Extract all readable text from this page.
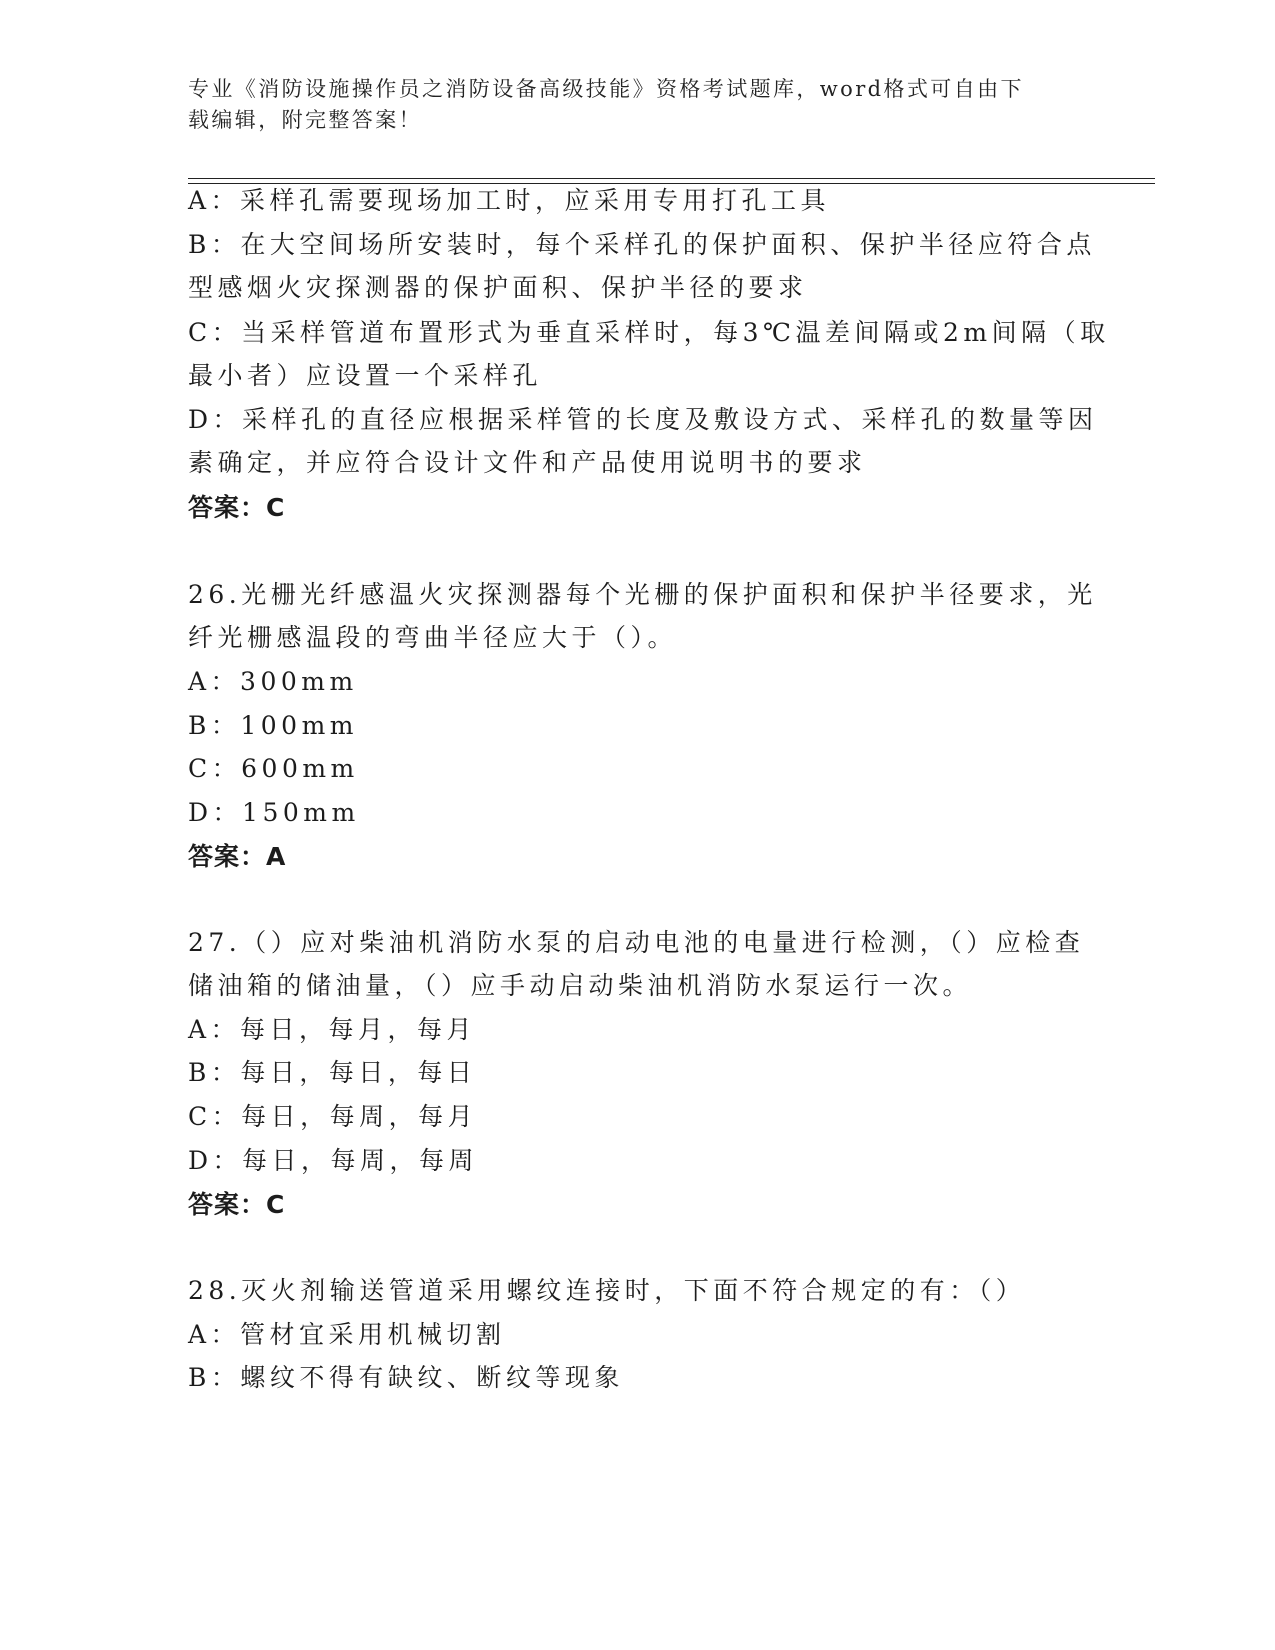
专业《消防设施操作员之消防设备高级技能》资格考试题库，word格式可自由下
载编辑，附完整答案！
A：采样孔需要现场加工时，应采用专用打孔工具
B：在大空间场所安装时，每个采样孔的保护面积、保护半径应符合点
型感烟火灾探测器的保护面积、保护半径的要求
C：当采样管道布置形式为垂直采样时，每3℃温差间隔或2m间隔（取
最小者）应设置一个采样孔
D：采样孔的直径应根据采样管的长度及敷设方式、采样孔的数量等因
素确定，并应符合设计文件和产品使用说明书的要求
答案：C
26.光栅光纤感温火灾探测器每个光栅的保护面积和保护半径要求，光
纤光栅感温段的弯曲半径应大于（）。
A：300mm
B：100mm
C：600mm
D：150mm
答案：A
27.（）应对柴油机消防水泵的启动电池的电量进行检测，（）应检查
储油箱的储油量，（）应手动启动柴油机消防水泵运行一次。
A：每日，每月，每月
B：每日，每日，每日
C：每日，每周，每月
D：每日，每周，每周
答案：C
28.灭火剂输送管道采用螺纹连接时，下面不符合规定的有：（）
A：管材宜采用机械切割
B：螺纹不得有缺纹、断纹等现象
